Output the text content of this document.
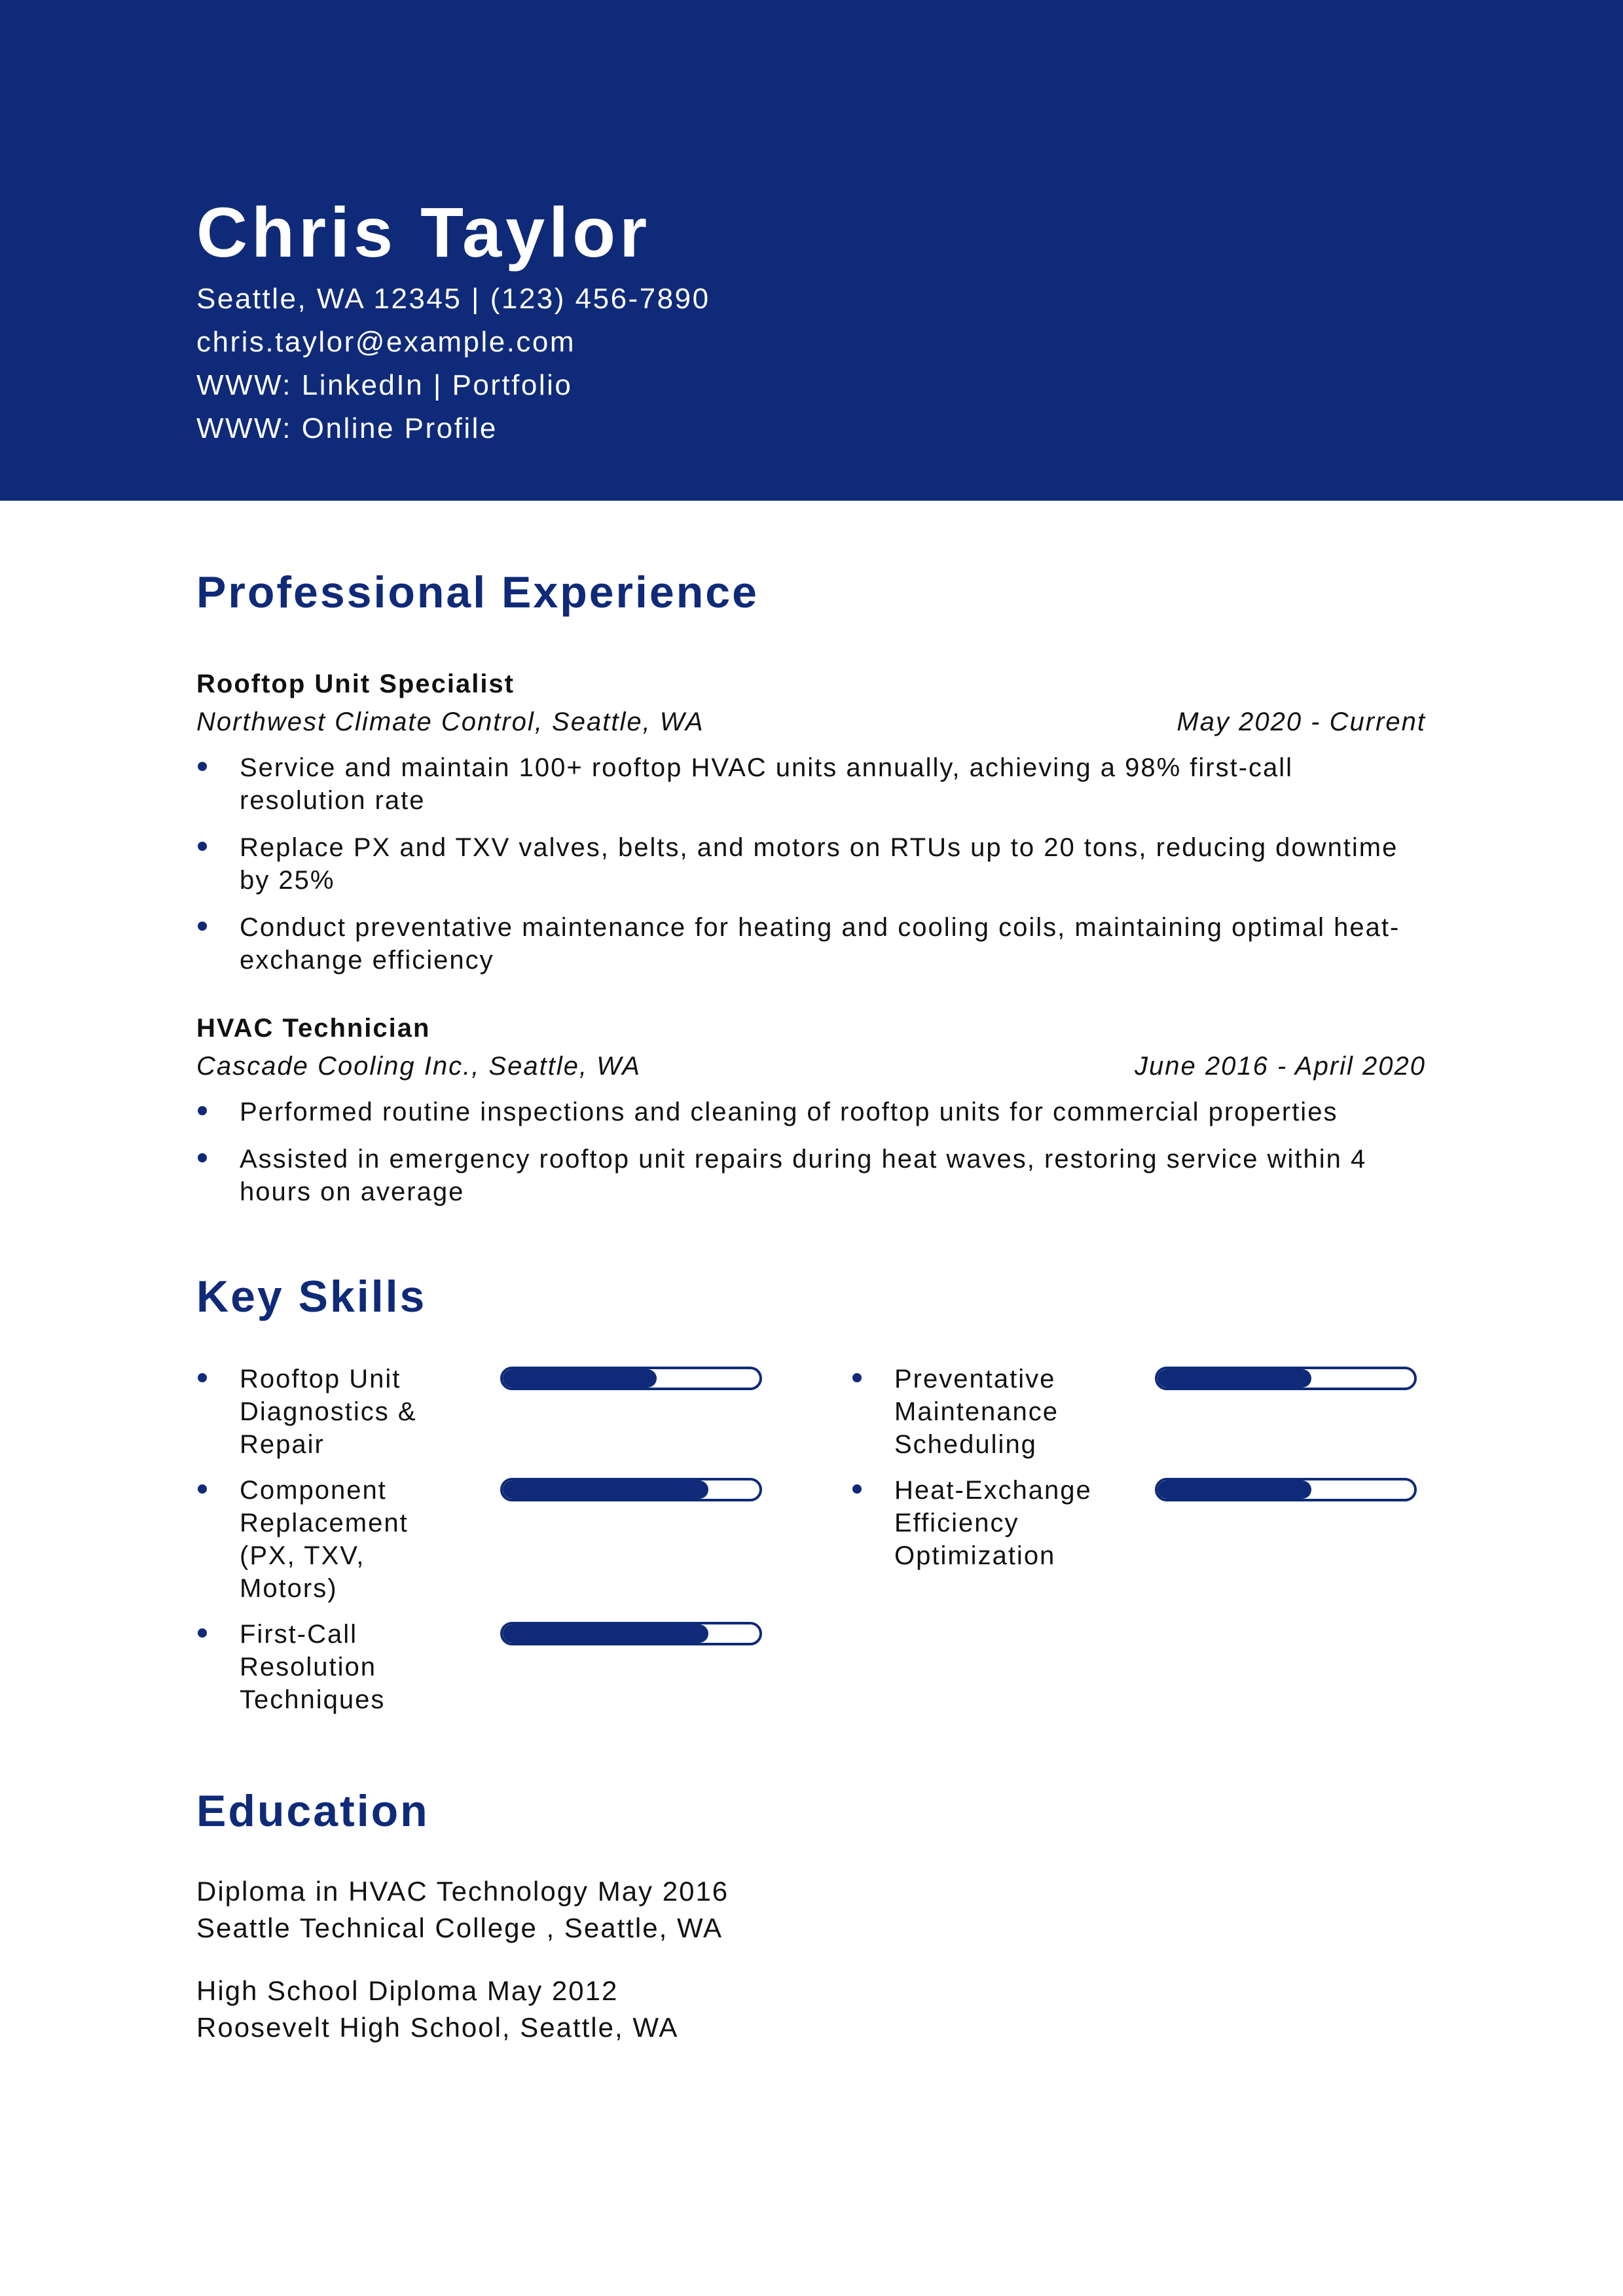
Chris Taylor
Seattle, WA 12345 | (123) 456-7890
chris.taylor@example.com
WWW: LinkedIn | Portfolio
WWW: Online Profile
Professional Experience
Rooftop Unit Specialist
Northwest Climate Control, Seattle, WA	May 2020 - Current
Service and maintain 100+ rooftop HVAC units annually, achieving a 98% first-call resolution rate
Replace PX and TXV valves, belts, and motors on RTUs up to 20 tons, reducing downtime by 25%
Conduct preventative maintenance for heating and cooling coils, maintaining optimal heat-exchange efficiency
HVAC Technician
Cascade Cooling Inc., Seattle, WA	June 2016 - April 2020
Performed routine inspections and cleaning of rooftop units for commercial properties
Assisted in emergency rooftop unit repairs during heat waves, restoring service within 4 hours on average
Key Skills
Rooftop Unit Diagnostics & Repair
Component Replacement (PX, TXV, Motors)
First-Call Resolution Techniques
Preventative Maintenance Scheduling
Heat-Exchange Efficiency Optimization
Education
Diploma in HVAC Technology May 2016
Seattle Technical College , Seattle, WA
High School Diploma May 2012
Roosevelt High School, Seattle, WA
